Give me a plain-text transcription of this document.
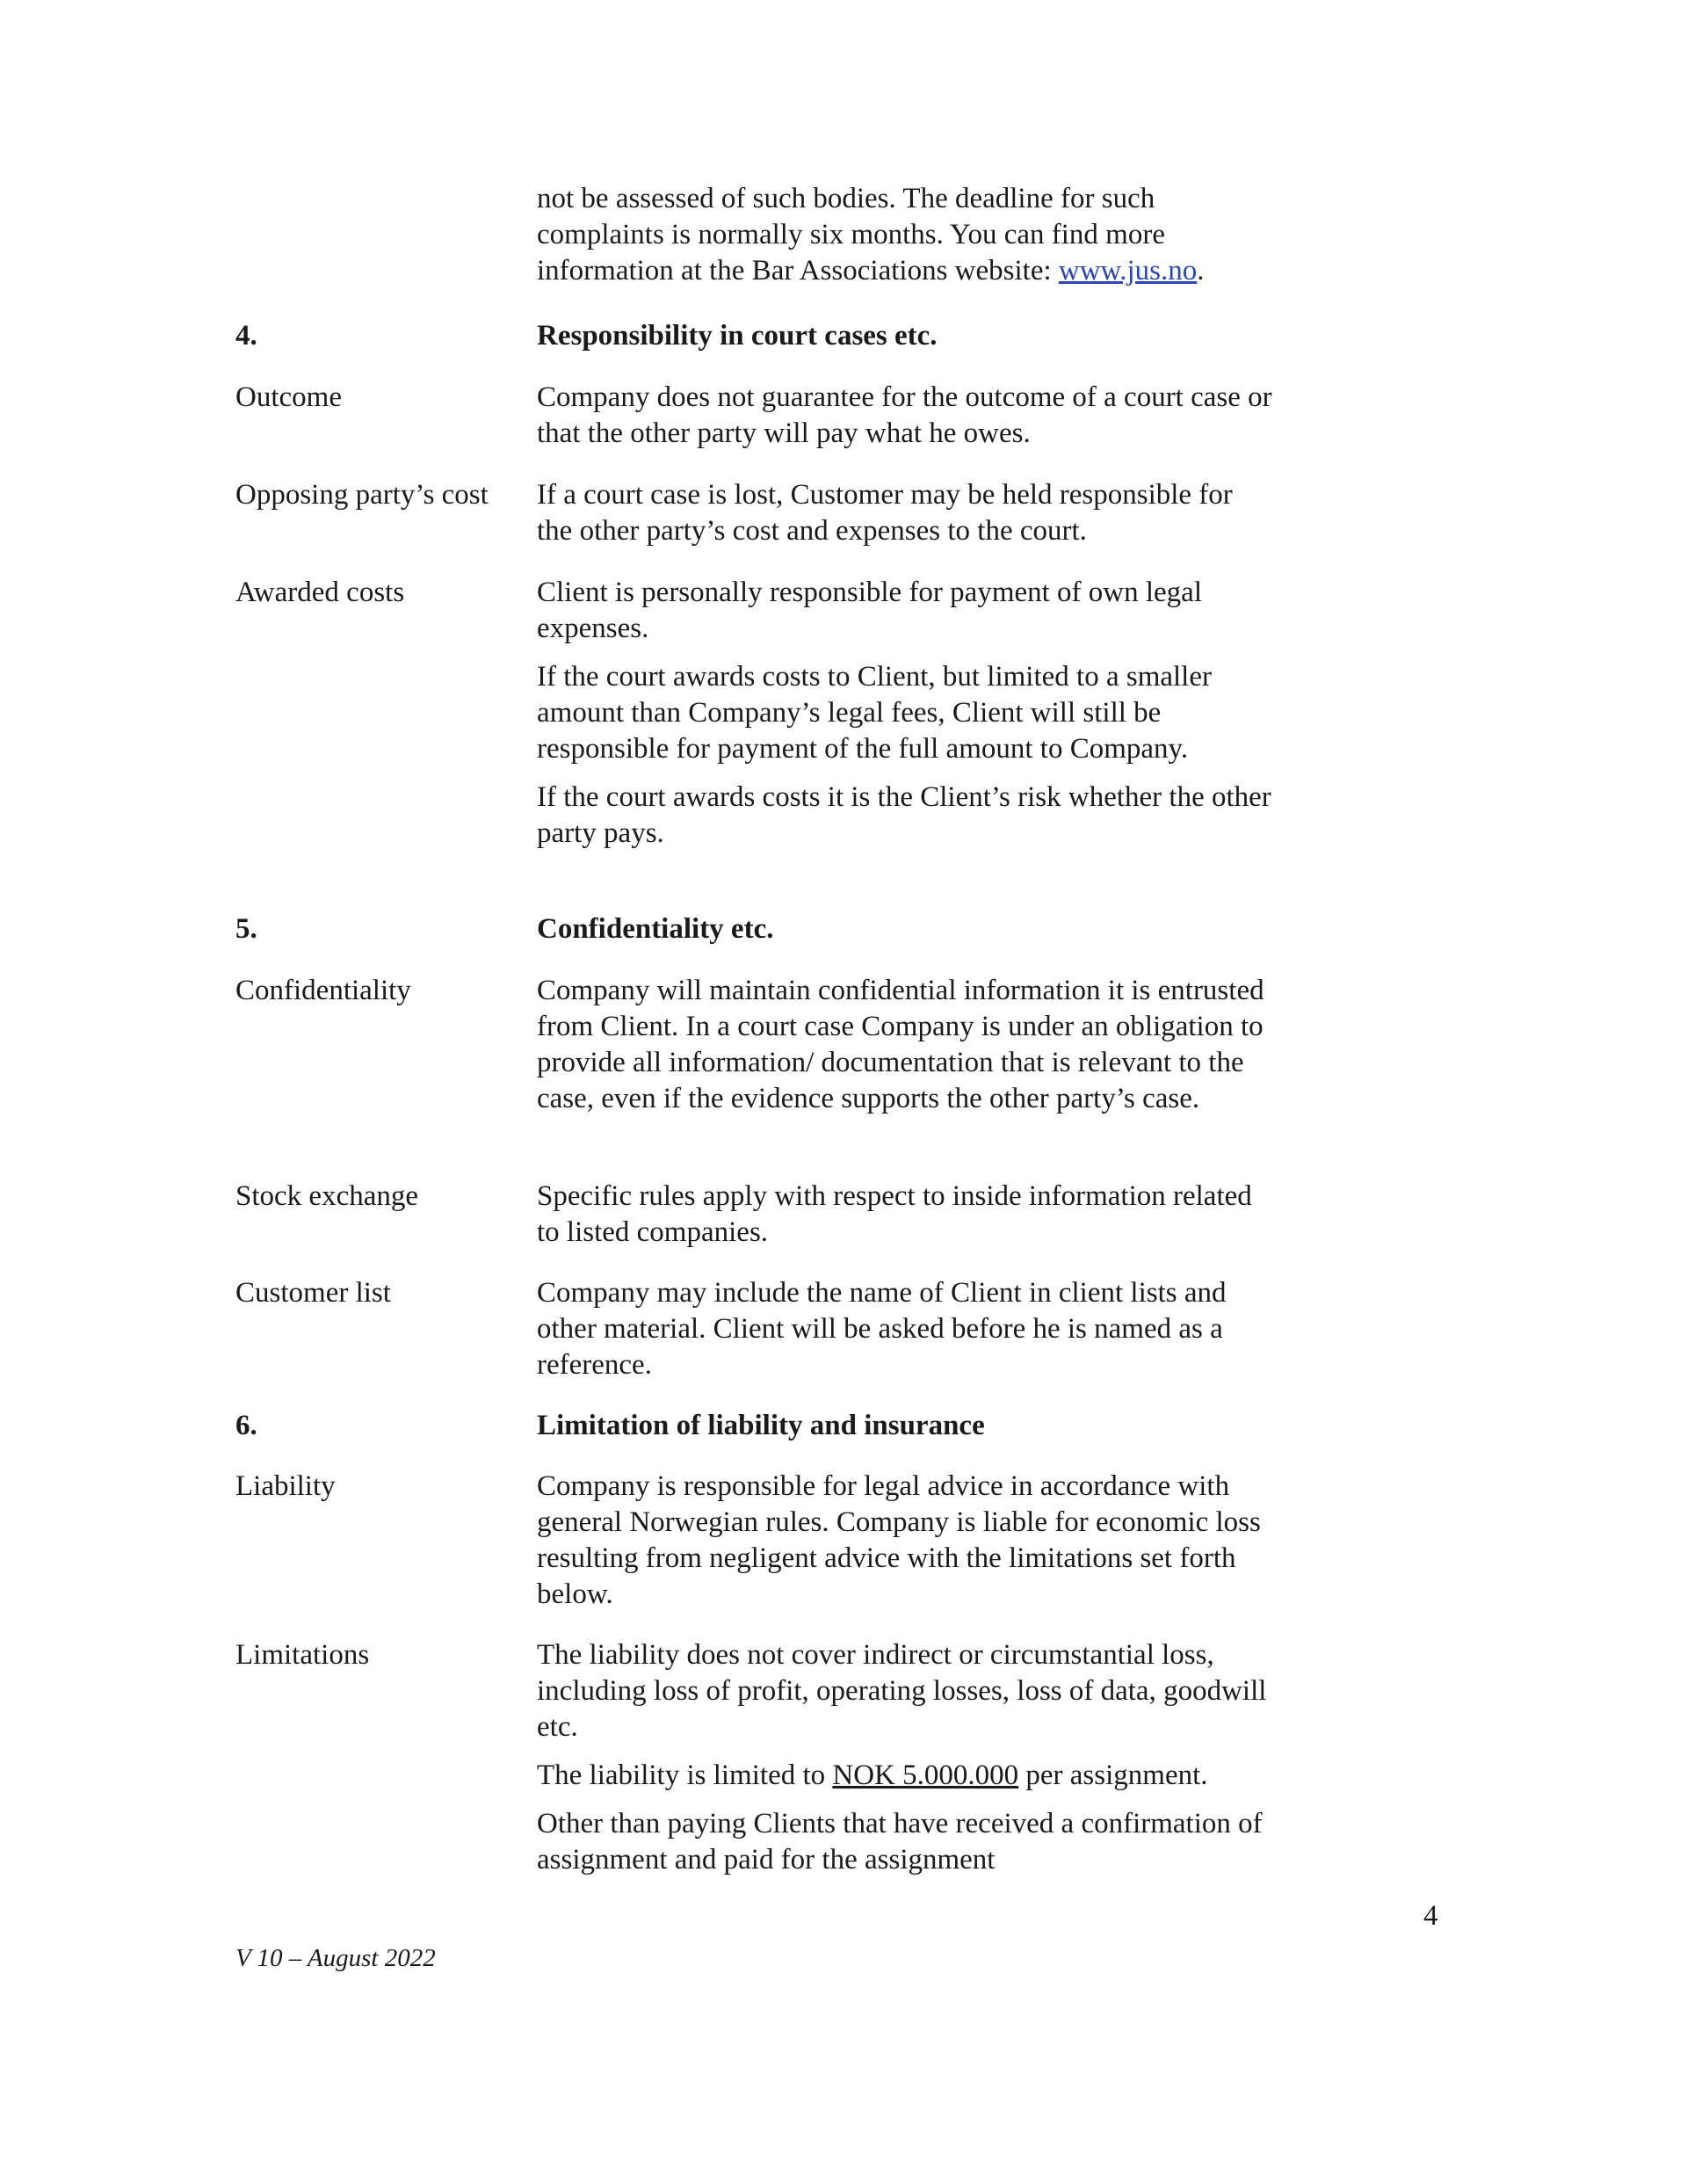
not be assessed of such bodies. The deadline for such
complaints is normally six months. You can find more
information at the Bar Associations website: www.jus.no.
4.	Responsibility in court cases etc.
Outcome	Company does not guarantee for the outcome of a court case or that the other party will pay what he owes.
Opposing party’s cost	If a court case is lost, Customer may be held responsible for the other party’s cost and expenses to the court.
Awarded costs	Client is personally responsible for payment of own legal expenses.

If the court awards costs to Client, but limited to a smaller amount than Company’s legal fees, Client will still be responsible for payment of the full amount to Company.

If the court awards costs it is the Client’s risk whether the other party pays.

5.	Confidentiality etc.
Confidentiality	Company will maintain confidential information it is entrusted from Client. In a court case Company is under an obligation to provide all information/ documentation that is relevant to the case, even if the evidence supports the other party’s case.
Stock exchange	Specific rules apply with respect to inside information related to listed companies.
Customer list	Company may include the name of Client in client lists and other material. Client will be asked before he is named as a reference.
6.	Limitation of liability and insurance
Liability	Company is responsible for legal advice in accordance with general Norwegian rules. Company is liable for economic loss resulting from negligent advice with the limitations set forth below.
Limitations	The liability does not cover indirect or circumstantial loss, including loss of profit, operating losses, loss of data, goodwill etc.

The liability is limited to NOK 5.000.000 per assignment.

Other than paying Clients that have received a confirmation of assignment and paid for the assignment

4
V 10 – August 2022
